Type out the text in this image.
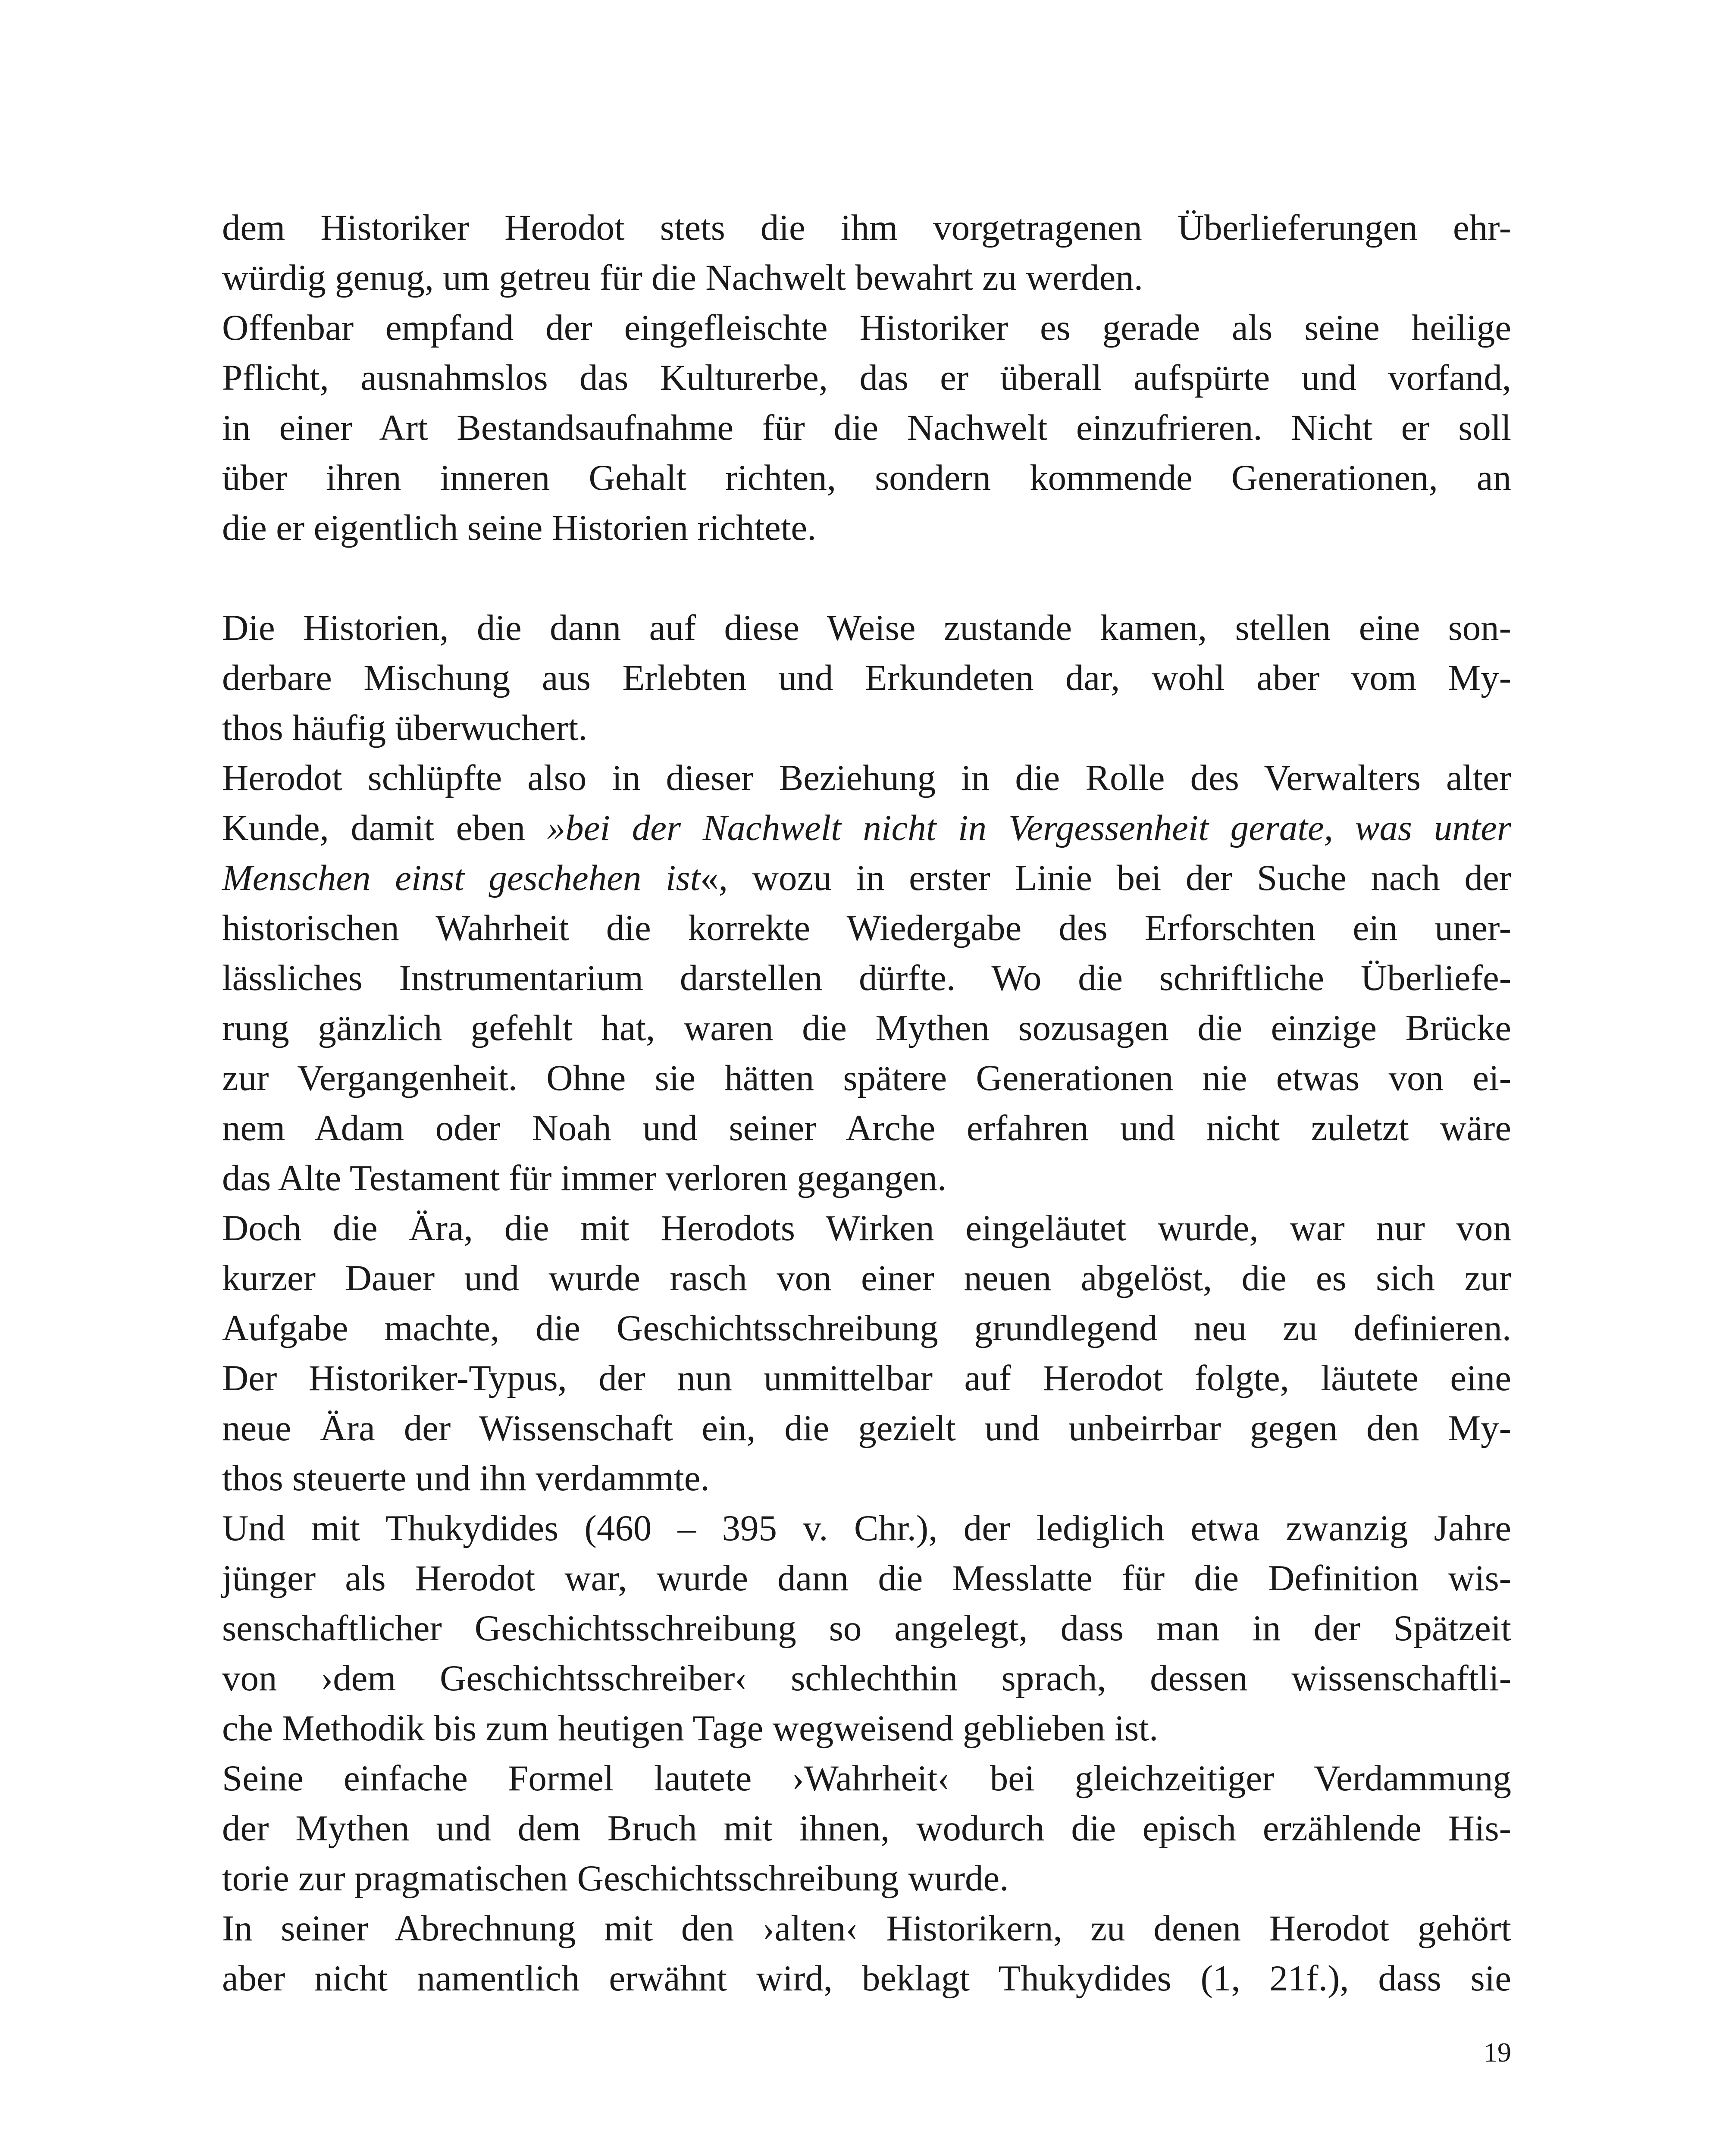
dem Historiker Herodot stets die ihm vorgetragenen Überlieferungen ehr-
würdig genug, um getreu für die Nachwelt bewahrt zu werden.
Offenbar empfand der eingefleischte Historiker es gerade als seine heilige
Pflicht, ausnahmslos das Kulturerbe, das er überall aufspürte und vorfand,
in einer Art Bestandsaufnahme für die Nachwelt einzufrieren. Nicht er soll
über ihren inneren Gehalt richten, sondern kommende Generationen, an
die er eigentlich seine Historien richtete.
Die Historien, die dann auf diese Weise zustande kamen, stellen eine son-
derbare Mischung aus Erlebten und Erkundeten dar, wohl aber vom My-
thos häufig überwuchert.
Herodot schlüpfte also in dieser Beziehung in die Rolle des Verwalters alter
Kunde, damit eben »bei der Nachwelt nicht in Vergessenheit gerate, was unter
Menschen einst geschehen ist«, wozu in erster Linie bei der Suche nach der
historischen Wahrheit die korrekte Wiedergabe des Erforschten ein uner-
lässliches Instrumentarium darstellen dürfte. Wo die schriftliche Überliefe-
rung gänzlich gefehlt hat, waren die Mythen sozusagen die einzige Brücke
zur Vergangenheit. Ohne sie hätten spätere Generationen nie etwas von ei-
nem Adam oder Noah und seiner Arche erfahren und nicht zuletzt wäre
das Alte Testament für immer verloren gegangen.
Doch die Ära, die mit Herodots Wirken eingeläutet wurde, war nur von
kurzer Dauer und wurde rasch von einer neuen abgelöst, die es sich zur
Aufgabe machte, die Geschichtsschreibung grundlegend neu zu definieren.
Der Historiker-Typus, der nun unmittelbar auf Herodot folgte, läutete eine
neue Ära der Wissenschaft ein, die gezielt und unbeirrbar gegen den My-
thos steuerte und ihn verdammte.
Und mit Thukydides (460 – 395 v. Chr.), der lediglich etwa zwanzig Jahre
jünger als Herodot war, wurde dann die Messlatte für die Definition wis-
senschaftlicher Geschichtsschreibung so angelegt, dass man in der Spätzeit
von ›dem Geschichtsschreiber‹ schlechthin sprach, dessen wissenschaftli-
che Methodik bis zum heutigen Tage wegweisend geblieben ist.
Seine einfache Formel lautete ›Wahrheit‹ bei gleichzeitiger Verdammung
der Mythen und dem Bruch mit ihnen, wodurch die episch erzählende His-
torie zur pragmatischen Geschichtsschreibung wurde.
In seiner Abrechnung mit den ›alten‹ Historikern, zu denen Herodot gehört
aber nicht namentlich erwähnt wird, beklagt Thukydides (1, 21f.), dass sie
19
